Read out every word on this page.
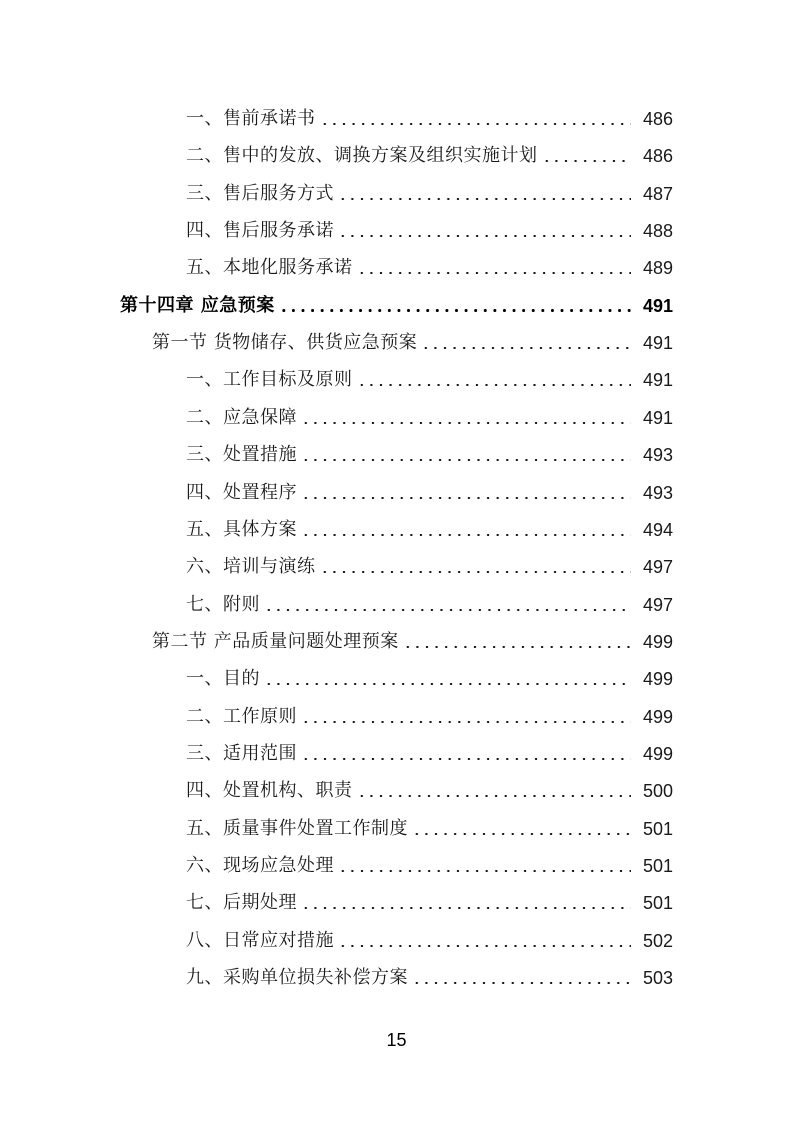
一、售前承诺书	486
二、售中的发放、调换方案及组织实施计划	486
三、售后服务方式	487
四、售后服务承诺	488
五、本地化服务承诺	489
第十四章 应急预案	491
第一节 货物储存、供货应急预案	491
一、工作目标及原则	491
二、应急保障	491
三、处置措施	493
四、处置程序	493
五、具体方案	494
六、培训与演练	497
七、附则	497
第二节 产品质量问题处理预案	499
一、目的	499
二、工作原则	499
三、适用范围	499
四、处置机构、职责	500
五、质量事件处置工作制度	501
六、现场应急处理	501
七、后期处理	501
八、日常应对措施	502
九、采购单位损失补偿方案	503
15
